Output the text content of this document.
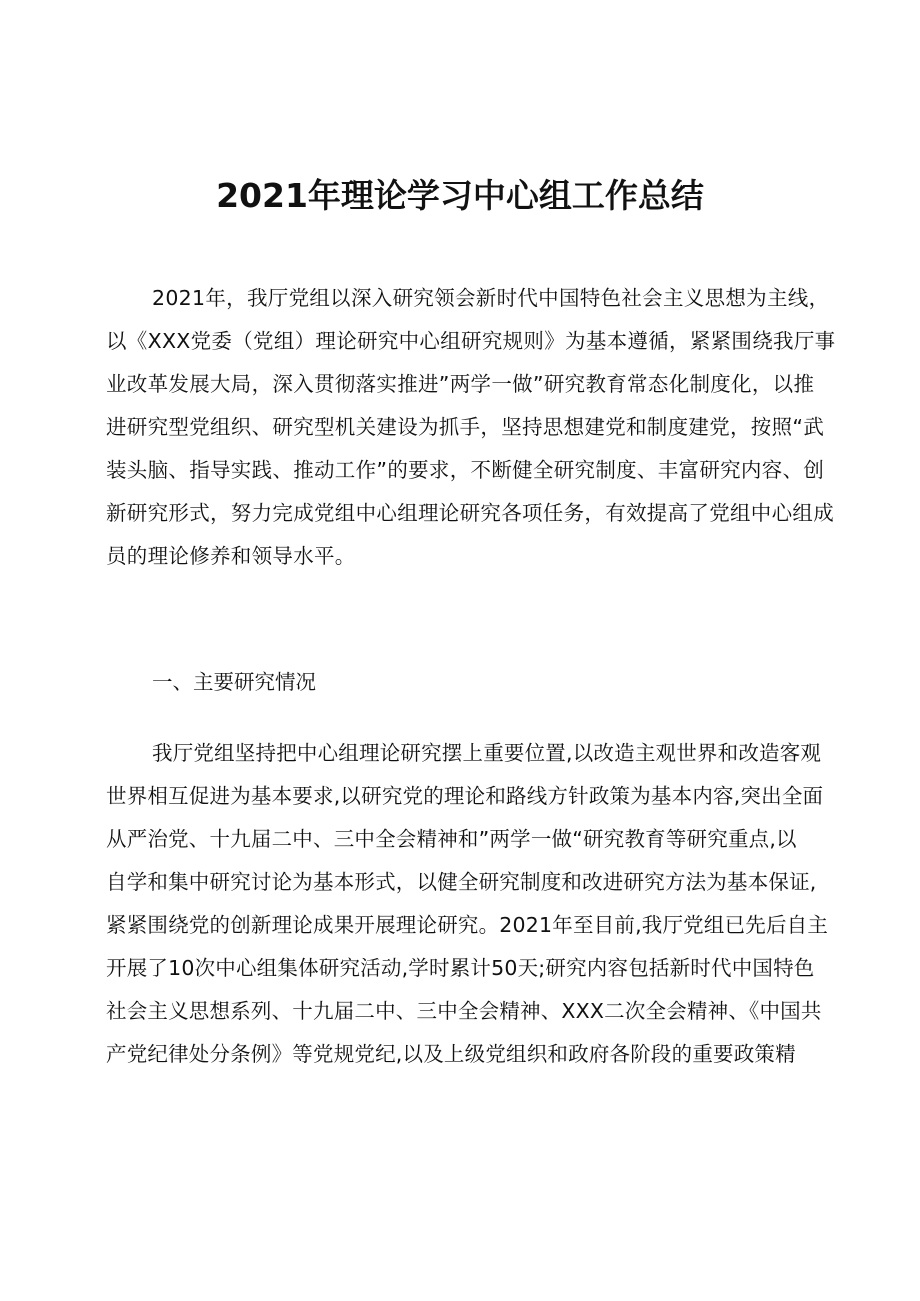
2021年理论学习中心组工作总结
2021年，我厅党组以深入研究领会新时代中国特色社会主义思想为主线，
以《XXX党委（党组）理论研究中心组研究规则》为基本遵循，紧紧围绕我厅事
业改革发展大局，深入贯彻落实推进”两学一做”研究教育常态化制度化，以推
进研究型党组织、研究型机关建设为抓手，坚持思想建党和制度建党，按照“武
装头脑、指导实践、推动工作”的要求，不断健全研究制度、丰富研究内容、创
新研究形式，努力完成党组中心组理论研究各项任务，有效提高了党组中心组成
员的理论修养和领导水平。
一、主要研究情况
我厅党组坚持把中心组理论研究摆上重要位置,以改造主观世界和改造客观
世界相互促进为基本要求,以研究党的理论和路线方针政策为基本内容,突出全面
从严治党、十九届二中、三中全会精神和”两学一做“研究教育等研究重点,以
自学和集中研究讨论为基本形式，以健全研究制度和改进研究方法为基本保证,
紧紧围绕党的创新理论成果开展理论研究。2021年至目前,我厅党组已先后自主
开展了10次中心组集体研究活动,学时累计50天;研究内容包括新时代中国特色
社会主义思想系列、十九届二中、三中全会精神、XXX二次全会精神、《中国共
产党纪律处分条例》等党规党纪,以及上级党组织和政府各阶段的重要政策精
